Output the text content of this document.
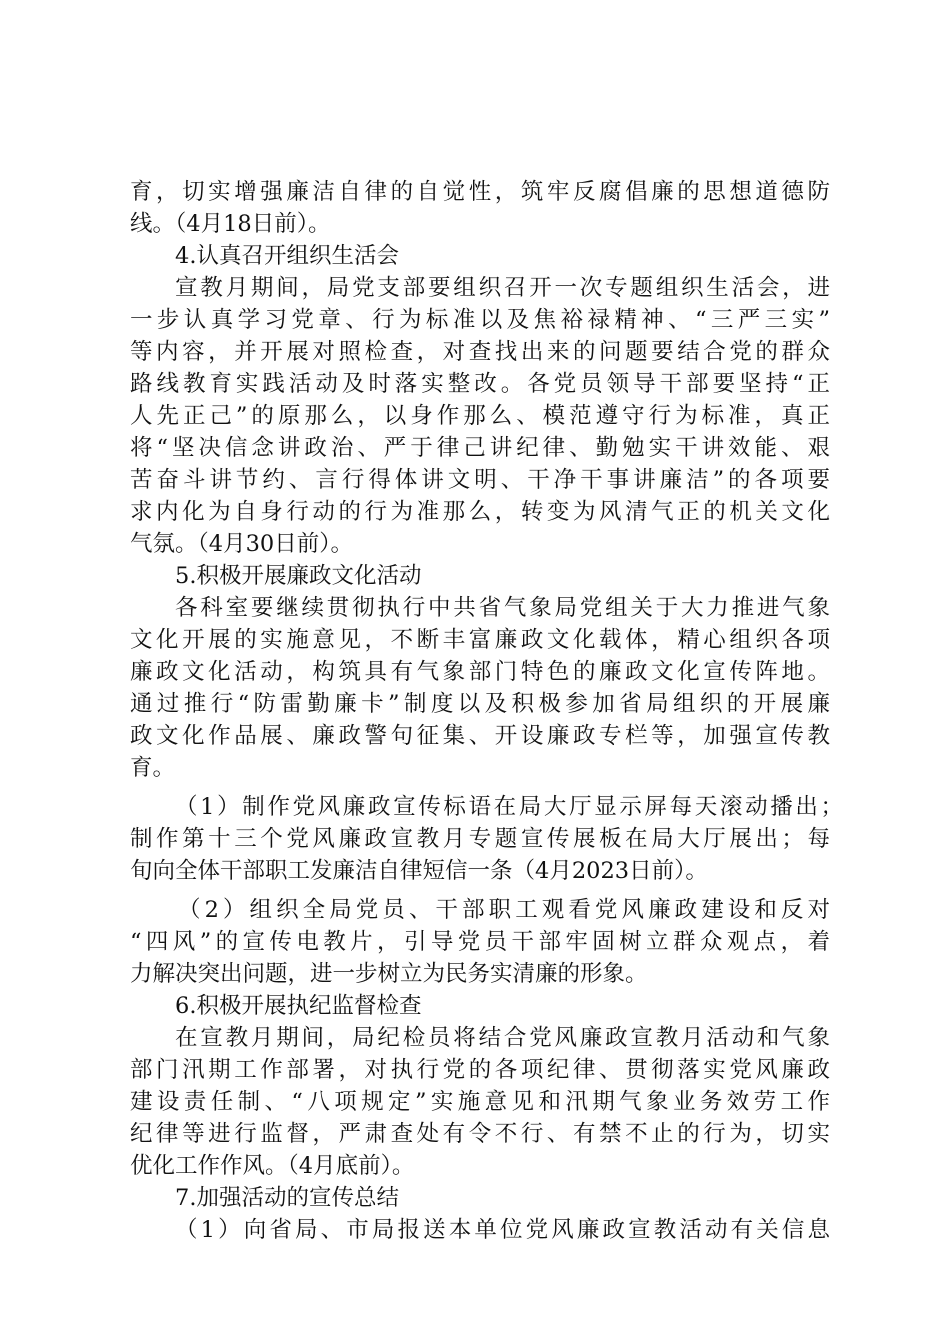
育，切实增强廉洁自律的自觉性，筑牢反腐倡廉的思想道德防
线。（4月18日前）。
4.认真召开组织生活会
宣教月期间，局党支部要组织召开一次专题组织生活会，进
一步认真学习党章、行为标准以及焦裕禄精神、“三严三实”
等内容，并开展对照检查，对查找出来的问题要结合党的群众
路线教育实践活动及时落实整改。各党员领导干部要坚持“正
人先正己”的原那么，以身作那么、模范遵守行为标准，真正
将“坚决信念讲政治、严于律己讲纪律、勤勉实干讲效能、艰
苦奋斗讲节约、言行得体讲文明、干净干事讲廉洁”的各项要
求内化为自身行动的行为准那么，转变为风清气正的机关文化
气氛。（4月30日前）。
5.积极开展廉政文化活动
各科室要继续贯彻执行中共省气象局党组关于大力推进气象
文化开展的实施意见，不断丰富廉政文化载体，精心组织各项
廉政文化活动，构筑具有气象部门特色的廉政文化宣传阵地。
通过推行“防雷勤廉卡”制度以及积极参加省局组织的开展廉
政文化作品展、廉政警句征集、开设廉政专栏等，加强宣传教
育。
（1）制作党风廉政宣传标语在局大厅显示屏每天滚动播出；
制作第十三个党风廉政宣教月专题宣传展板在局大厅展出；每
旬向全体干部职工发廉洁自律短信一条（4月2023日前）。
（2）组织全局党员、干部职工观看党风廉政建设和反对
“四风”的宣传电教片，引导党员干部牢固树立群众观点，着
力解决突出问题，进一步树立为民务实清廉的形象。
6.积极开展执纪监督检查
在宣教月期间，局纪检员将结合党风廉政宣教月活动和气象
部门汛期工作部署，对执行党的各项纪律、贯彻落实党风廉政
建设责任制、“八项规定”实施意见和汛期气象业务效劳工作
纪律等进行监督，严肃查处有令不行、有禁不止的行为，切实
优化工作作风。（4月底前）。
7.加强活动的宣传总结
（1）向省局、市局报送本单位党风廉政宣教活动有关信息
